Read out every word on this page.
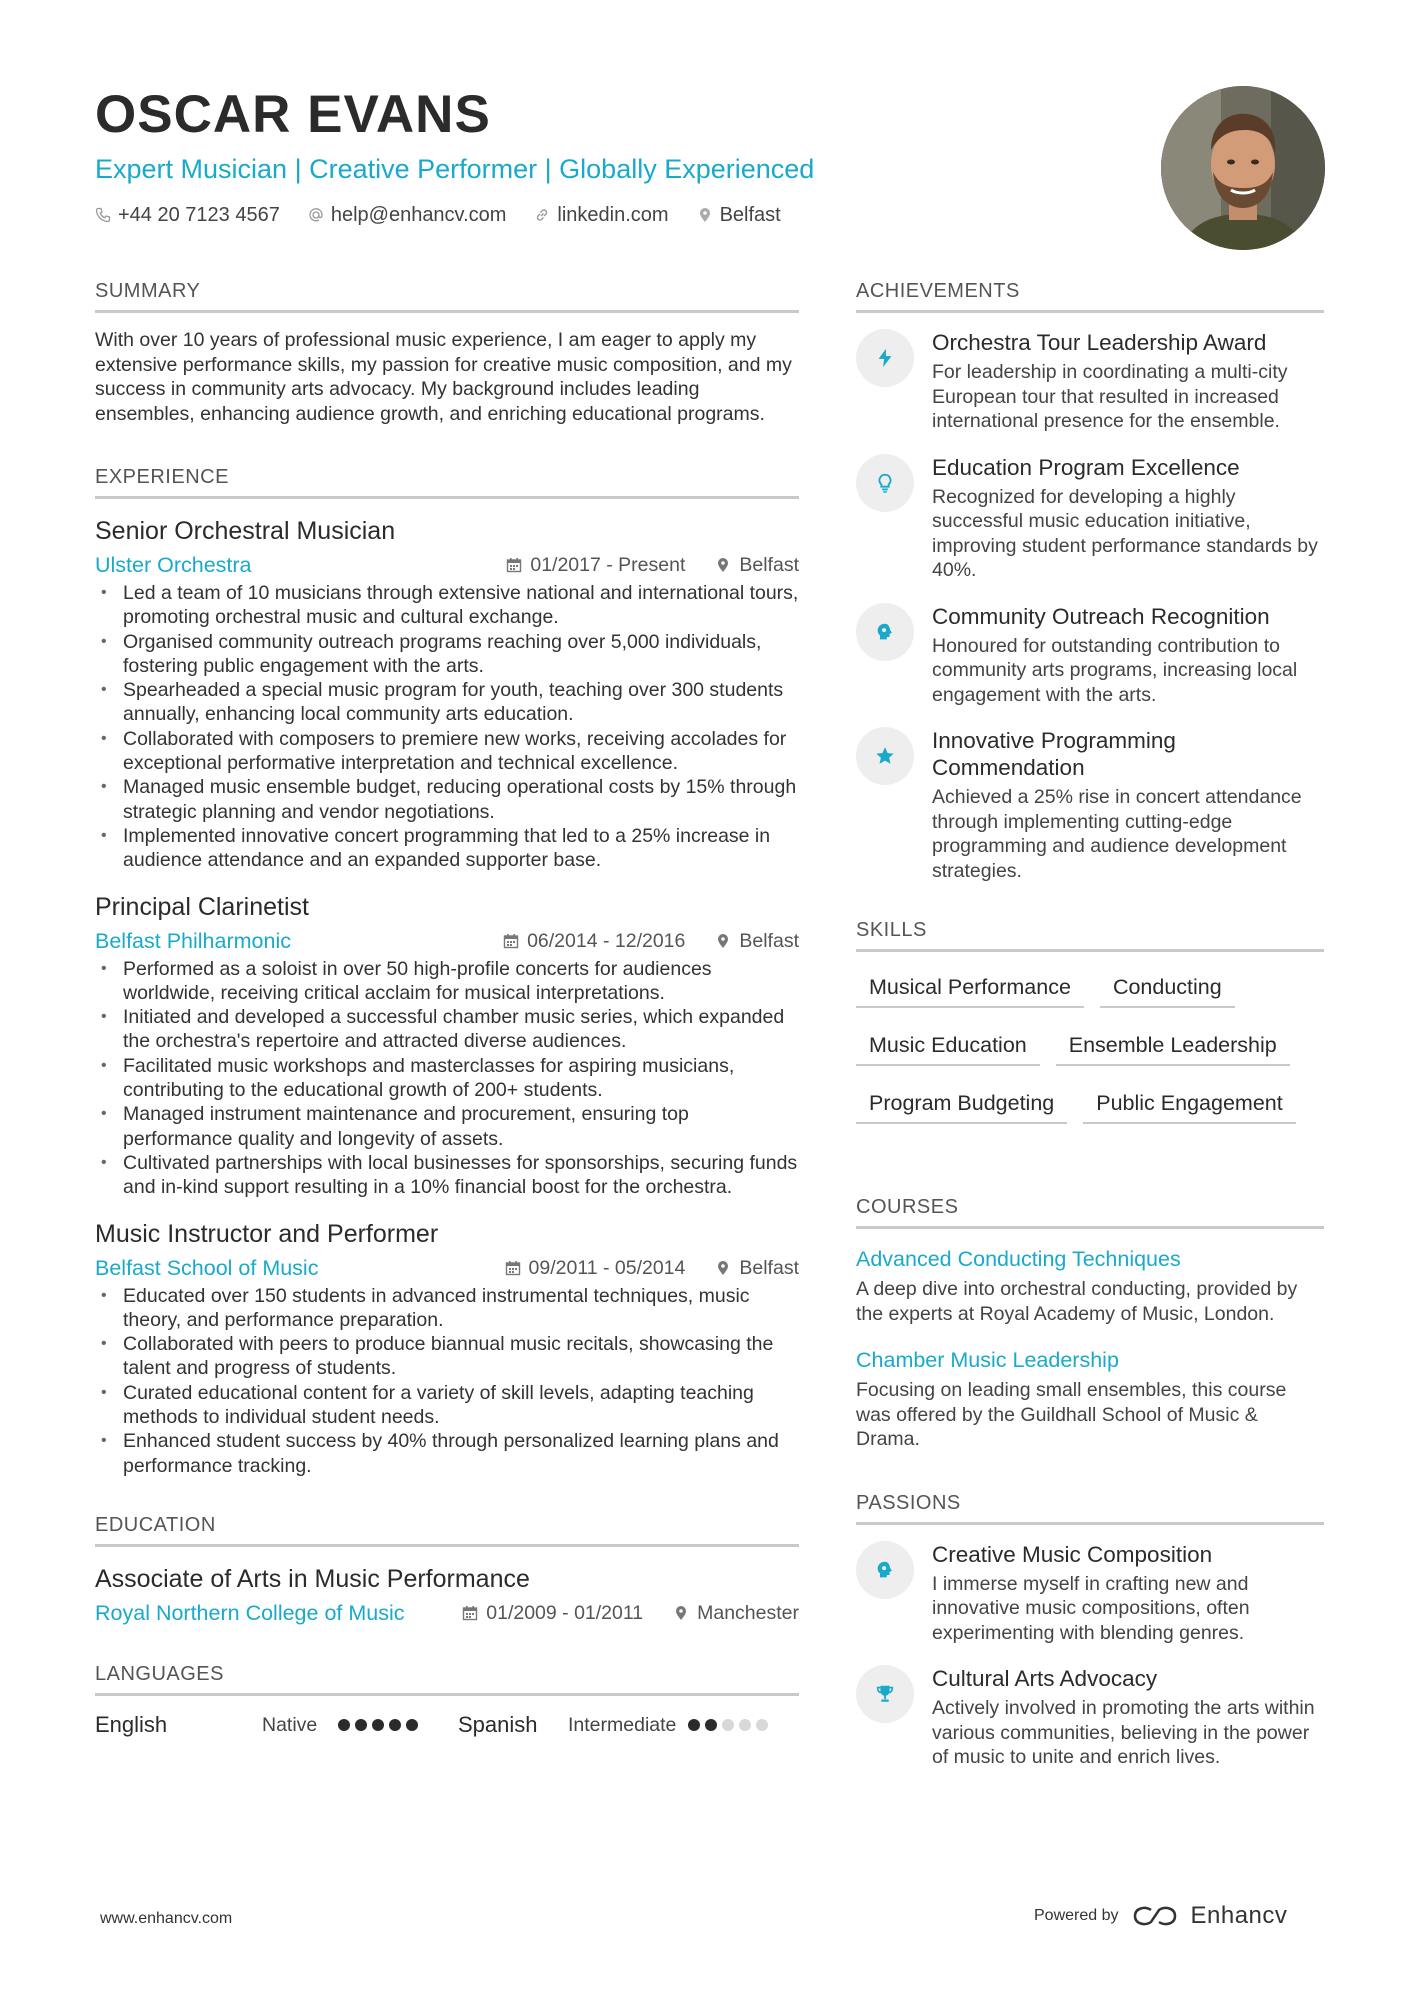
OSCAR EVANS
Expert Musician | Creative Performer | Globally Experienced
+44 20 7123 4567	help@enhancv.com	linkedin.com	Belfast
SUMMARY
With over 10 years of professional music experience, I am eager to apply my extensive performance skills, my passion for creative music composition, and my success in community arts advocacy. My background includes leading ensembles, enhancing audience growth, and enriching educational programs.
EXPERIENCE
Senior Orchestral Musician
Ulster Orchestra	01/2017 - Present	Belfast
• Led a team of 10 musicians through extensive national and international tours, promoting orchestral music and cultural exchange.
• Organised community outreach programs reaching over 5,000 individuals, fostering public engagement with the arts.
• Spearheaded a special music program for youth, teaching over 300 students annually, enhancing local community arts education.
• Collaborated with composers to premiere new works, receiving accolades for exceptional performative interpretation and technical excellence.
• Managed music ensemble budget, reducing operational costs by 15% through strategic planning and vendor negotiations.
• Implemented innovative concert programming that led to a 25% increase in audience attendance and an expanded supporter base.
Principal Clarinetist
Belfast Philharmonic	06/2014 - 12/2016	Belfast
• Performed as a soloist in over 50 high-profile concerts for audiences worldwide, receiving critical acclaim for musical interpretations.
• Initiated and developed a successful chamber music series, which expanded the orchestra's repertoire and attracted diverse audiences.
• Facilitated music workshops and masterclasses for aspiring musicians, contributing to the educational growth of 200+ students.
• Managed instrument maintenance and procurement, ensuring top performance quality and longevity of assets.
• Cultivated partnerships with local businesses for sponsorships, securing funds and in-kind support resulting in a 10% financial boost for the orchestra.
Music Instructor and Performer
Belfast School of Music	09/2011 - 05/2014	Belfast
• Educated over 150 students in advanced instrumental techniques, music theory, and performance preparation.
• Collaborated with peers to produce biannual music recitals, showcasing the talent and progress of students.
• Curated educational content for a variety of skill levels, adapting teaching methods to individual student needs.
• Enhanced student success by 40% through personalized learning plans and performance tracking.
EDUCATION
Associate of Arts in Music Performance
Royal Northern College of Music	01/2009 - 01/2011	Manchester
LANGUAGES
English	Native	Spanish	Intermediate
ACHIEVEMENTS
Orchestra Tour Leadership Award
For leadership in coordinating a multi-city European tour that resulted in increased international presence for the ensemble.
Education Program Excellence
Recognized for developing a highly successful music education initiative, improving student performance standards by 40%.
Community Outreach Recognition
Honoured for outstanding contribution to community arts programs, increasing local engagement with the arts.
Innovative Programming Commendation
Achieved a 25% rise in concert attendance through implementing cutting-edge programming and audience development strategies.
SKILLS
Musical Performance	Conducting
Music Education	Ensemble Leadership
Program Budgeting	Public Engagement
COURSES
Advanced Conducting Techniques
A deep dive into orchestral conducting, provided by the experts at Royal Academy of Music, London.
Chamber Music Leadership
Focusing on leading small ensembles, this course was offered by the Guildhall School of Music & Drama.
PASSIONS
Creative Music Composition
I immerse myself in crafting new and innovative music compositions, often experimenting with blending genres.
Cultural Arts Advocacy
Actively involved in promoting the arts within various communities, believing in the power of music to unite and enrich lives.
www.enhancv.com	Powered by	Enhancv
